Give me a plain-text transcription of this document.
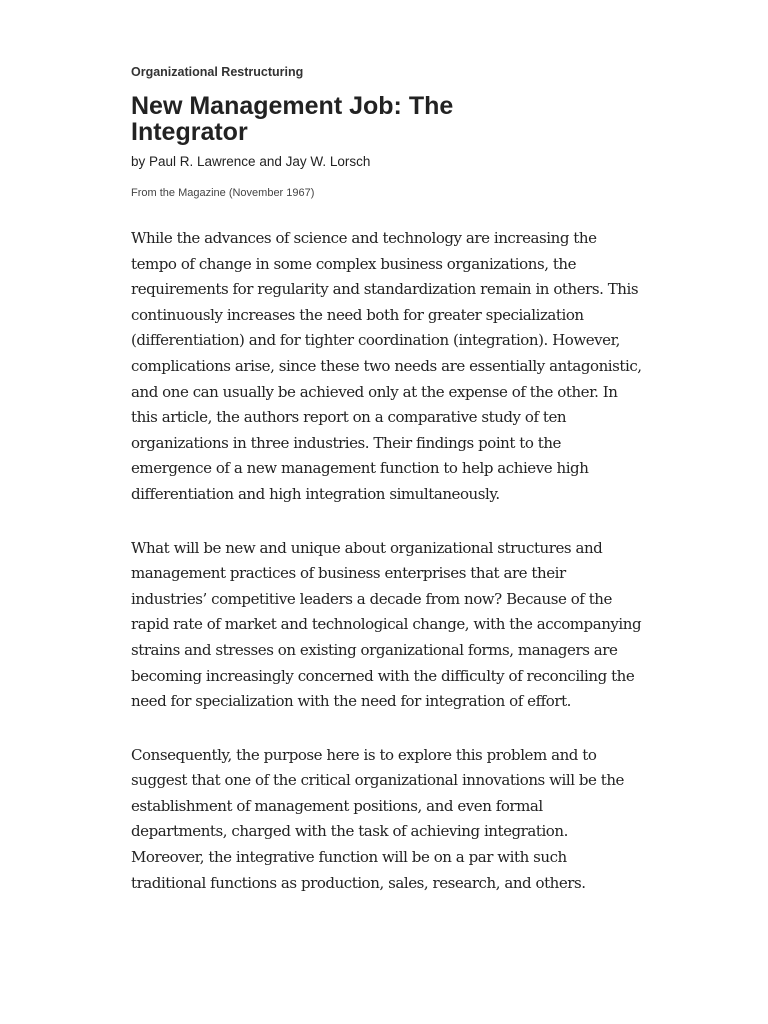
Organizational Restructuring
New Management Job: The Integrator
by Paul R. Lawrence and Jay W. Lorsch
From the Magazine (November 1967)

While the advances of science and technology are increasing the tempo of change in some complex business organizations, the requirements for regularity and standardization remain in others. This continuously increases the need both for greater specialization (differentiation) and for tighter coordination (integration). However, complications arise, since these two needs are essentially antagonistic, and one can usually be achieved only at the expense of the other. In this article, the authors report on a comparative study of ten organizations in three industries. Their findings point to the emergence of a new management function to help achieve high differentiation and high integration simultaneously.

What will be new and unique about organizational structures and management practices of business enterprises that are their industries’ competitive leaders a decade from now? Because of the rapid rate of market and technological change, with the accompanying strains and stresses on existing organizational forms, managers are becoming increasingly concerned with the difficulty of reconciling the need for specialization with the need for integration of effort.

Consequently, the purpose here is to explore this problem and to suggest that one of the critical organizational innovations will be the establishment of management positions, and even formal departments, charged with the task of achieving integration. Moreover, the integrative function will be on a par with such traditional functions as production, sales, research, and others.
